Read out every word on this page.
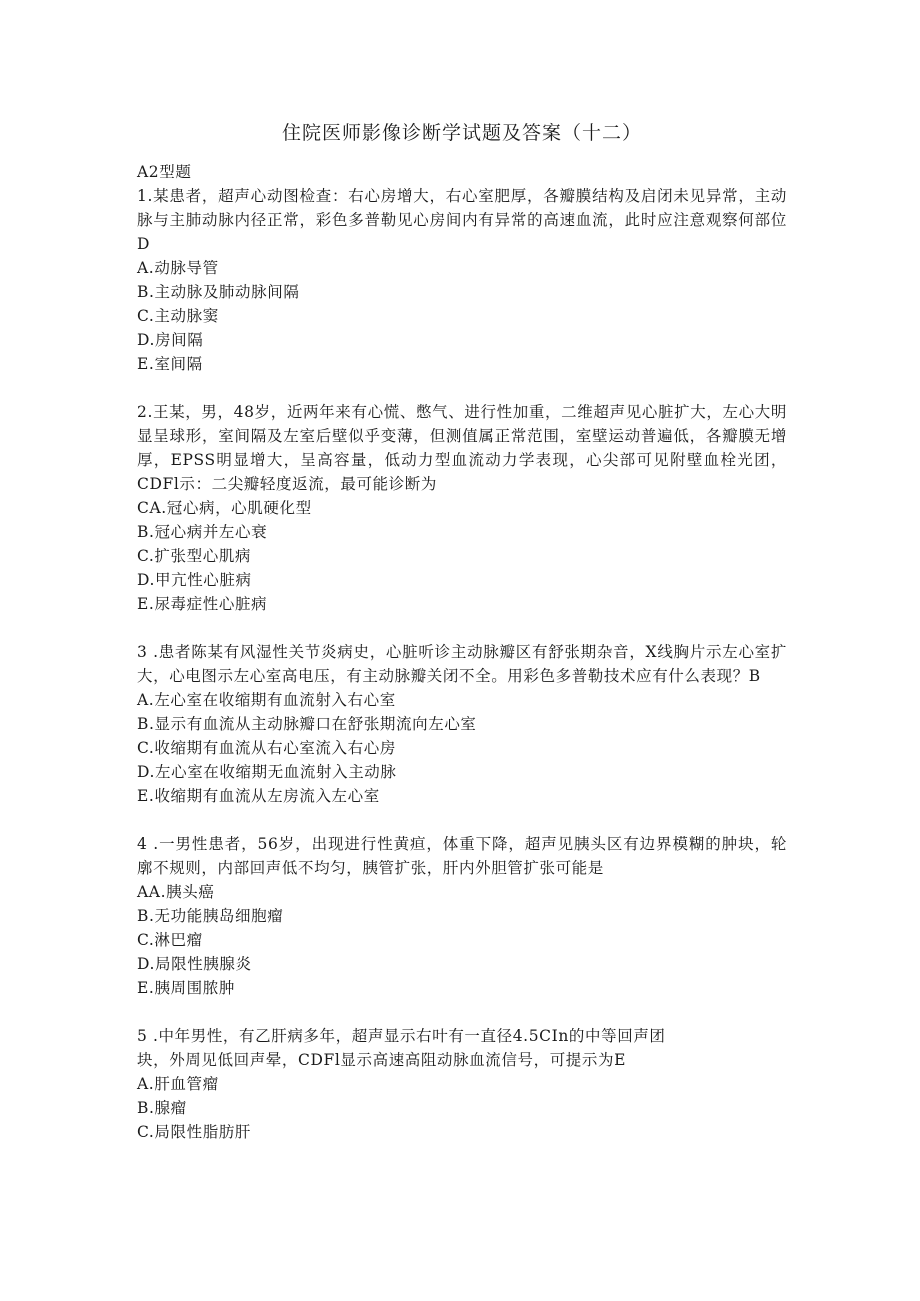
住院医师影像诊断学试题及答案（十二）
A2型题
1.某患者，超声心动图检查：右心房增大，右心室肥厚，各瓣膜结构及启闭未见异常，主动脉与主肺动脉内径正常，彩色多普勒见心房间内有异常的高速血流，此时应注意观察何部位D
A.动脉导管
B.主动脉及肺动脉间隔
C.主动脉窦
D.房间隔
E.室间隔
2.王某，男，48岁，近两年来有心慌、憋气、进行性加重，二维超声见心脏扩大，左心大明显呈球形，室间隔及左室后壁似乎变薄，但测值属正常范围，室壁运动普遍低，各瓣膜无增厚，EPSS明显增大，呈高容量，低动力型血流动力学表现，心尖部可见附壁血栓光团，CDFl示：二尖瓣轻度返流，最可能诊断为
CA.冠心病，心肌硬化型
B.冠心病并左心衰
C.扩张型心肌病
D.甲亢性心脏病
E.尿毒症性心脏病
3 .患者陈某有风湿性关节炎病史，心脏听诊主动脉瓣区有舒张期杂音，X线胸片示左心室扩大，心电图示左心室高电压，有主动脉瓣关闭不全。用彩色多普勒技术应有什么表现？B
A.左心室在收缩期有血流射入右心室
B.显示有血流从主动脉瓣口在舒张期流向左心室
C.收缩期有血流从右心室流入右心房
D.左心室在收缩期无血流射入主动脉
E.收缩期有血流从左房流入左心室
4 .一男性患者，56岁，出现进行性黄疸，体重下降，超声见胰头区有边界模糊的肿块，轮廓不规则，内部回声低不均匀，胰管扩张，肝内外胆管扩张可能是
AA.胰头癌
B.无功能胰岛细胞瘤
C.淋巴瘤
D.局限性胰腺炎
E.胰周围脓肿
5 .中年男性，有乙肝病多年，超声显示右叶有一直径4.5CIn的中等回声团
块，外周见低回声晕，CDFl显示高速高阻动脉血流信号，可提示为E
A.肝血管瘤
B.腺瘤
C.局限性脂肪肝
